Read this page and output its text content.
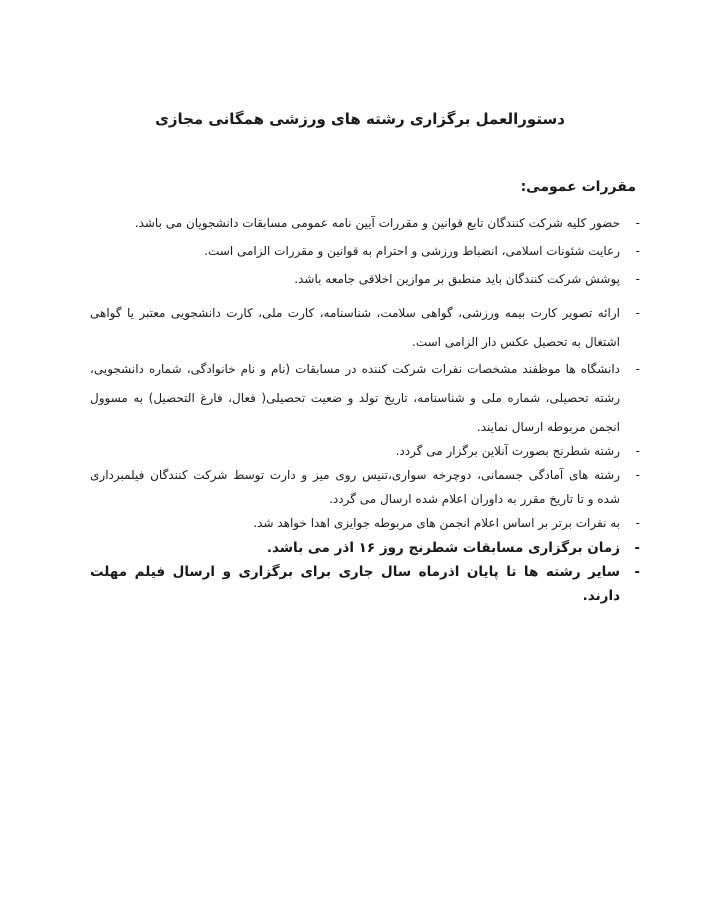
دستورالعمل برگزاری رشته های ورزشی همگانی مجازی
مقررات عمومی:
-
حضور کلیه شرکت کنندگان تابع قوانین و مقررات آیین نامه عمومی مسابقات دانشجویان می باشد.
-
رعایت شئونات اسلامی، انضباط ورزشی و احترام به قوانین و مقررات الزامی است.
-
پوشش شرکت کنندگان باید منطبق بر موازین اخلاقی جامعه باشد.
-
ارائه تصویر کارت بیمه ورزشی، گواهی سلامت، شناسنامه، کارت ملی، کارت دانشجویی معتبر یا گواهی اشتغال به تحصیل عکس دار الزامی است.
-
دانشگاه ها موظفند مشخصات نفرات شرکت کننده در مسابقات (نام و نام خانوادگی، شماره دانشجویی، رشته تحصیلی، شماره ملی و شناسنامه، تاریخ تولد و ضعیت تحصیلی( فعال، فارغ التحصیل) به مسوول انجمن مربوطه ارسال نمایند.
-
رشته شطرنج بصورت آنلاین برگزار می گردد.
-
رشته های آمادگی جسمانی، دوچرخه سواری،تنیس روی میز و دارت توسط شرکت کنندگان فیلمبرداری شده و تا تاریخ مقرر به داوران اعلام شده ارسال می گردد.
-
به نفرات برتر بر اساس اعلام انجمن های مربوطه جوایزی اهدا خواهد شد.
-
زمان برگزاری مسابقات شطرنج روز ۱۶ اذر می باشد.
-
سایر رشته ها تا پایان اذرماه سال جاری برای برگزاری و ارسال فیلم مهلت دارند.
